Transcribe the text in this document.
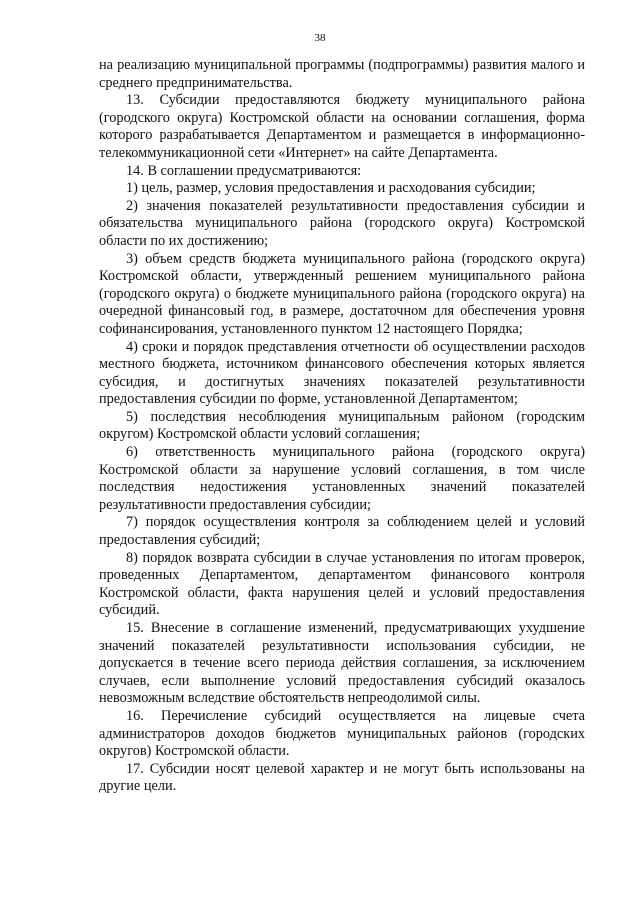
38

на реализацию муниципальной программы (подпрограммы) развития малого и среднего предпринимательства.

13. Субсидии предоставляются бюджету муниципального района (городского округа) Костромской области на основании соглашения, форма которого разрабатывается Департаментом и размещается в информационно-телекоммуникационной сети «Интернет» на сайте Департамента.

14. В соглашении предусматриваются:

1) цель, размер, условия предоставления и расходования субсидии;

2) значения показателей результативности предоставления субсидии и обязательства муниципального района (городского округа) Костромской области по их достижению;

3) объем средств бюджета муниципального района (городского округа) Костромской области, утвержденный решением муниципального района (городского округа) о бюджете муниципального района (городского округа) на очередной финансовый год, в размере, достаточном для обеспечения уровня софинансирования, установленного пунктом 12 настоящего Порядка;

4) сроки и порядок представления отчетности об осуществлении расходов местного бюджета, источником финансового обеспечения которых является субсидия, и достигнутых значениях показателей результативности предоставления субсидии по форме, установленной Департаментом;

5) последствия несоблюдения муниципальным районом (городским округом) Костромской области условий соглашения;

6) ответственность муниципального района (городского округа) Костромской области за нарушение условий соглашения, в том числе последствия недостижения установленных значений показателей результативности предоставления субсидии;

7) порядок осуществления контроля за соблюдением целей и условий предоставления субсидий;

8) порядок возврата субсидии в случае установления по итогам проверок, проведенных Департаментом, департаментом финансового контроля Костромской области, факта нарушения целей и условий предоставления субсидий.

15. Внесение в соглашение изменений, предусматривающих ухудшение значений показателей результативности использования субсидии, не допускается в течение всего периода действия соглашения, за исключением случаев, если выполнение условий предоставления субсидий оказалось невозможным вследствие обстоятельств непреодолимой силы.

16. Перечисление субсидий осуществляется на лицевые счета администраторов доходов бюджетов муниципальных районов (городских округов) Костромской области.

17. Субсидии носят целевой характер и не могут быть использованы на другие цели.
